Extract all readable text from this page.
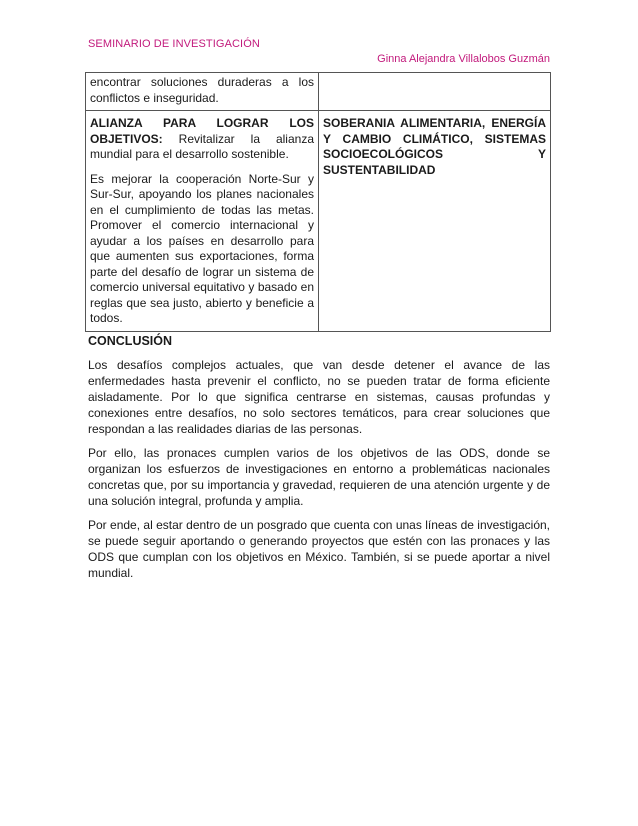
SEMINARIO DE INVESTIGACIÓN
Ginna Alejandra Villalobos Guzmán
encontrar soluciones duraderas a los conflictos e inseguridad.	

ALIANZA PARA LOGRAR LOS OBJETIVOS: Revitalizar la alianza mundial para el desarrollo sostenible.
Es mejorar la cooperación Norte-Sur y Sur-Sur, apoyando los planes nacionales en el cumplimiento de todas las metas. Promover el comercio internacional y ayudar a los países en desarrollo para que aumenten sus exportaciones, forma parte del desafío de lograr un sistema de comercio universal equitativo y basado en reglas que sea justo, abierto y beneficie a todos.	SOBERANIA ALIMENTARIA, ENERGÍA Y CAMBIO CLIMÁTICO, SISTEMAS SOCIOECOLÓGICOS Y SUSTENTABILIDAD
CONCLUSIÓN

Los desafíos complejos actuales, que van desde detener el avance de las enfermedades hasta prevenir el conflicto, no se pueden tratar de forma eficiente aisladamente. Por lo que significa centrarse en sistemas, causas profundas y conexiones entre desafíos, no solo sectores temáticos, para crear soluciones que respondan a las realidades diarias de las personas.

Por ello, las pronaces cumplen varios de los objetivos de las ODS, donde se organizan los esfuerzos de investigaciones en entorno a problemáticas nacionales concretas que, por su importancia y gravedad, requieren de una atención urgente y de una solución integral, profunda y amplia.

Por ende, al estar dentro de un posgrado que cuenta con unas líneas de investigación, se puede seguir aportando o generando proyectos que estén con las pronaces y las ODS que cumplan con los objetivos en México. También, si se puede aportar a nivel mundial.
